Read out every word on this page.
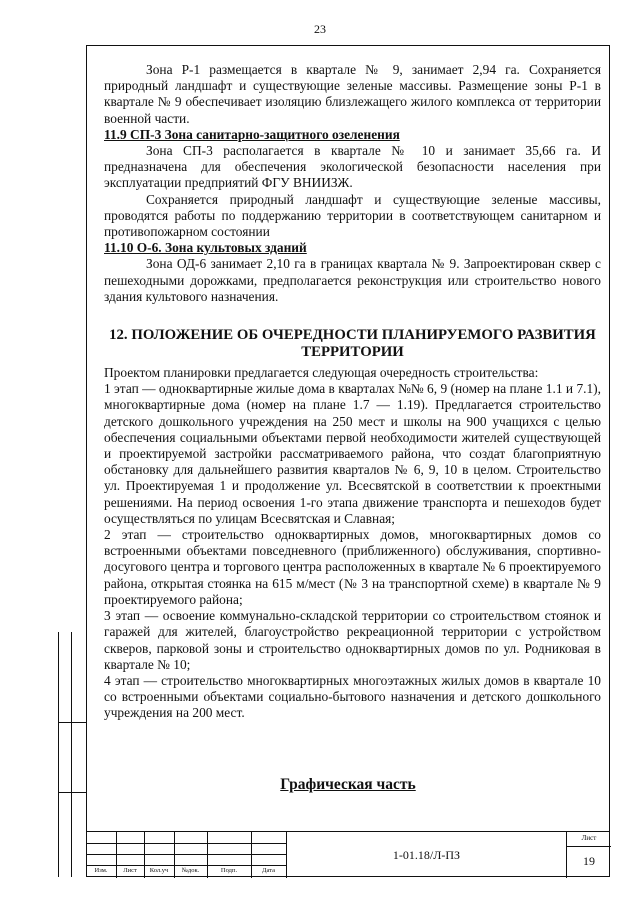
23

Зона Р-1 размещается в квартале № 9, занимает 2,94 га. Сохраняется природный ландшафт и существующие зеленые массивы. Размещение зоны Р-1 в квартале № 9 обеспечивает изоляцию близлежащего жилого комплекса от территории военной части.

11.9 СП-3 Зона санитарно-защитного озеленения

Зона СП-3 располагается в квартале № 10 и занимает 35,66 га. И предназначена для обеспечения экологической безопасности населения при эксплуатации предприятий ФГУ ВНИИЗЖ.

Сохраняется природный ландшафт и существующие зеленые массивы, проводятся работы по поддержанию территории в соответствующем санитарном и противопожарном состоянии

11.10 О-6. Зона культовых зданий

Зона ОД-6 занимает 2,10 га в границах квартала № 9. Запроектирован сквер с пешеходными дорожками, предполагается реконструкция или строительство нового здания культового назначения.

12. ПОЛОЖЕНИЕ ОБ ОЧЕРЕДНОСТИ ПЛАНИРУЕМОГО РАЗВИТИЯ
ТЕРРИТОРИИ

Проектом планировки предлагается следующая очередность строительства:

1 этап — одноквартирные жилые дома в кварталах №№ 6, 9 (номер на плане 1.1 и 7.1), многоквартирные дома (номер на плане 1.7 — 1.19). Предлагается строительство детского дошкольного учреждения на 250 мест и школы на 900 учащихся с целью обеспечения социальными объектами первой необходимости жителей существующей и проектируемой застройки рассматриваемого района, что создат благоприятную обстановку для дальнейшего развития кварталов № 6, 9, 10 в целом. Строительство ул. Проектируемая 1 и продолжение ул. Всесвятской в соответствии к проектными решениями. На период освоения 1-го этапа движение транспорта и пешеходов будет осуществляться по улицам Всесвятская и Славная;

2 этап — строительство одноквартирных домов, многоквартирных домов со встроенными объектами повседневного (приближенного) обслуживания, спортивно-досугового центра и торгового центра расположенных в квартале № 6 проектируемого района, открытая стоянка на 615 м/мест (№ 3 на транспортной схеме) в квартале № 9 проектируемого района;

3 этап — освоение коммунально-складской территории со строительством стоянок и гаражей для жителей, благоустройство рекреационной территории с устройством скверов, парковой зоны и строительство одноквартирных домов по ул. Родниковая в квартале № 10;

4 этап — строительство многоквартирных многоэтажных жилых домов в квартале 10 со встроенными объектами социально-бытового назначения и детского дошкольного учреждения на 200 мест.

Графическая часть
Изм.	Лист	Кол.уч	№док.	Подп.	Дата
1-01.18/Л-ПЗ
Лист
19
